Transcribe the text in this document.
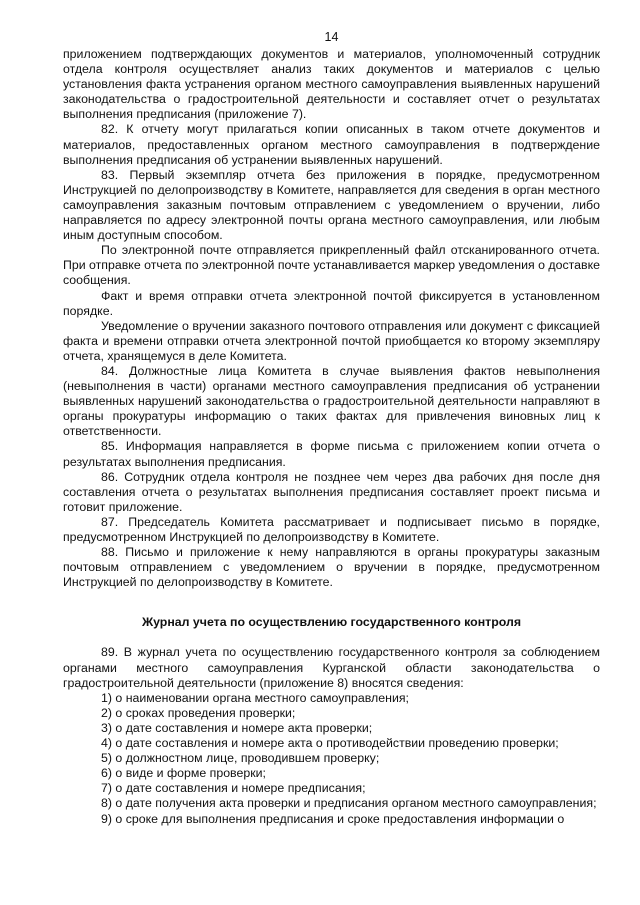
14

приложением подтверждающих документов и материалов, уполномоченный сотрудник отдела контроля осуществляет анализ таких документов и материалов с целью установления факта устранения органом местного самоуправления выявленных нарушений законодательства о градостроительной деятельности и составляет отчет о результатах выполнения предписания (приложение 7).

82. К отчету могут прилагаться копии описанных в таком отчете документов и материалов, предоставленных органом местного самоуправления в подтверждение выполнения предписания об устранении выявленных нарушений.

83. Первый экземпляр отчета без приложения в порядке, предусмотренном Инструкцией по делопроизводству в Комитете, направляется для сведения в орган местного самоуправления заказным почтовым отправлением с уведомлением о вручении, либо направляется по адресу электронной почты органа местного самоуправления, или любым иным доступным способом.

По электронной почте отправляется прикрепленный файл отсканированного отчета. При отправке отчета по электронной почте устанавливается маркер уведомления о доставке сообщения.

Факт и время отправки отчета электронной почтой фиксируется в установленном порядке.

Уведомление о вручении заказного почтового отправления или документ с фиксацией факта и времени отправки отчета электронной почтой приобщается ко второму экземпляру отчета, хранящемуся в деле Комитета.

84. Должностные лица Комитета в случае выявления фактов невыполнения (невыполнения в части) органами местного самоуправления предписания об устранении выявленных нарушений законодательства о градостроительной деятельности направляют в органы прокуратуры информацию о таких фактах для привлечения виновных лиц к ответственности.

85. Информация направляется в форме письма с приложением копии отчета о результатах выполнения предписания.

86. Сотрудник отдела контроля не позднее чем через два рабочих дня после дня составления отчета о результатах выполнения предписания составляет проект письма и готовит приложение.

87. Председатель Комитета рассматривает и подписывает письмо в порядке, предусмотренном Инструкцией по делопроизводству в Комитете.

88. Письмо и приложение к нему направляются в органы прокуратуры заказным почтовым отправлением с уведомлением о вручении в порядке, предусмотренном Инструкцией по делопроизводству в Комитете.

Журнал учета по осуществлению государственного контроля

89. В журнал учета по осуществлению государственного контроля за соблюдением органами местного самоуправления Курганской области законодательства о градостроительной деятельности (приложение 8) вносятся сведения:

1) о наименовании органа местного самоуправления;

2) о сроках проведения проверки;

3) о дате составления и номере акта проверки;

4) о дате составления и номере акта о противодействии проведению проверки;

5) о должностном лице, проводившем проверку;

6) о виде и форме проверки;

7) о дате составления и номере предписания;

8) о дате получения акта проверки и предписания органом местного самоуправления;

9) о сроке для выполнения предписания и сроке предоставления информации о
